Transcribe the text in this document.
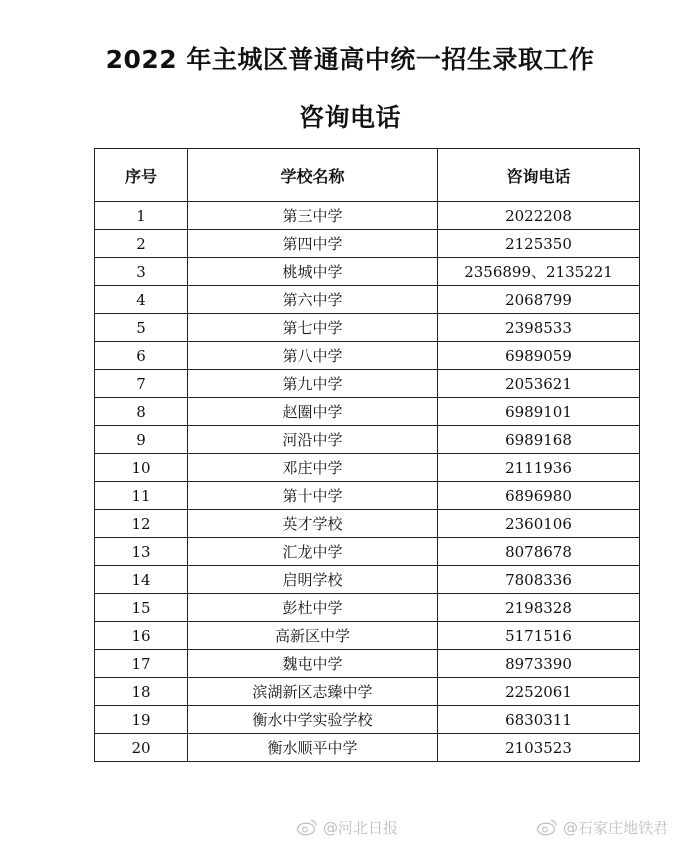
2022 年主城区普通高中统一招生录取工作
咨询电话
序号	学校名称	咨询电话
1	第三中学	2022208
2	第四中学	2125350
3	桃城中学	2356899、2135221
4	第六中学	2068799
5	第七中学	2398533
6	第八中学	6989059
7	第九中学	2053621
8	赵圈中学	6989101
9	河沿中学	6989168
10	邓庄中学	2111936
11	第十中学	6896980
12	英才学校	2360106
13	汇龙中学	8078678
14	启明学校	7808336
15	彭杜中学	2198328
16	高新区中学	5171516
17	魏屯中学	8973390
18	滨湖新区志臻中学	2252061
19	衡水中学实验学校	6830311
20	衡水顺平中学	2103523
@河北日报	@石家庄地铁君
